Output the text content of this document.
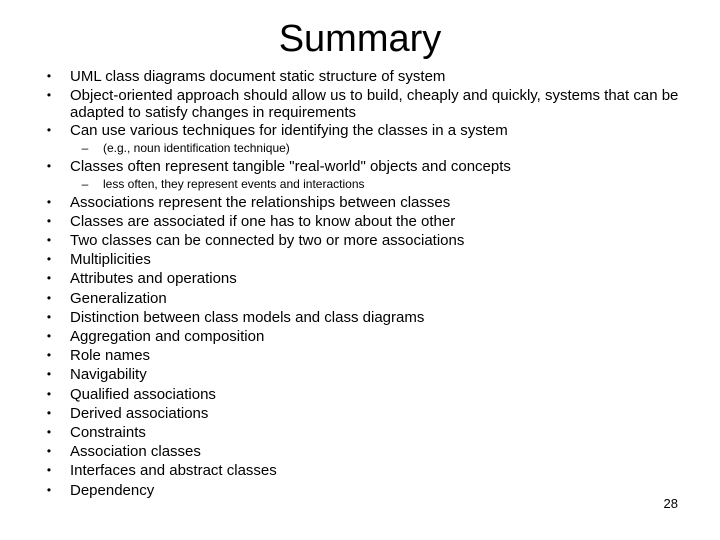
Summary
• UML class diagrams document static structure of system
• Object-oriented approach should allow us to build, cheaply and quickly, systems that can be adapted to satisfy changes in requirements
• Can use various techniques for identifying the classes in a system
– (e.g., noun identification technique)
• Classes often represent tangible "real-world" objects and concepts
– less often, they represent events and interactions
• Associations represent the relationships between classes
• Classes are associated if one has to know about the other
• Two classes can be connected by two or more associations
• Multiplicities
• Attributes and operations
• Generalization
• Distinction between class models and class diagrams
• Aggregation and composition
• Role names
• Navigability
• Qualified associations
• Derived associations
• Constraints
• Association classes
• Interfaces and abstract classes
• Dependency
28
